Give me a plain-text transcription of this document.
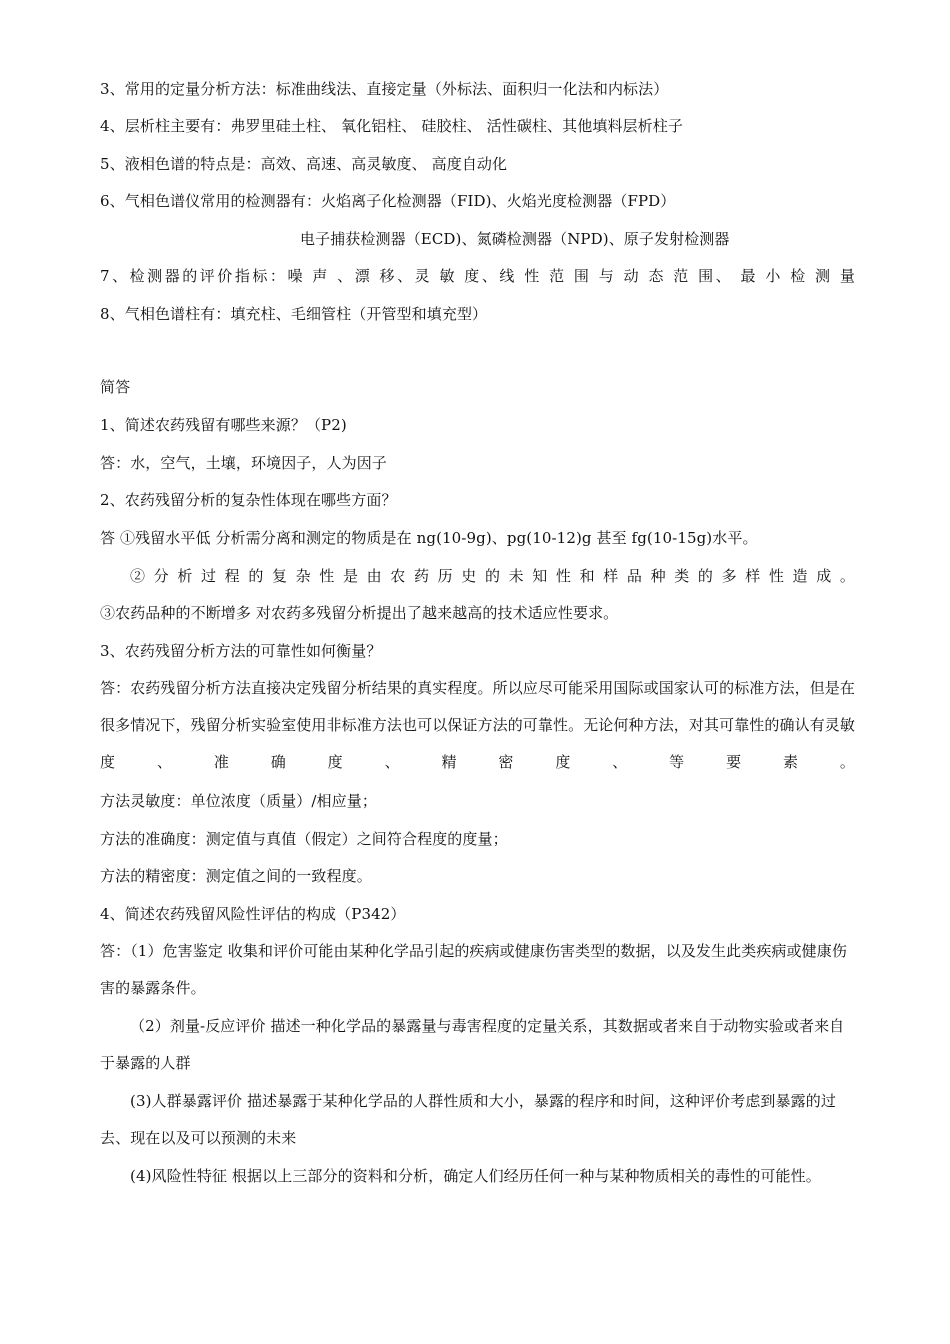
3、常用的定量分析方法：标准曲线法、直接定量（外标法、面积归一化法和内标法）
4、层析柱主要有：弗罗里硅土柱、 氧化铝柱、 硅胶柱、 活性碳柱、其他填料层析柱子
5、液相色谱的特点是：高效、高速、高灵敏度、 高度自动化
6、气相色谱仪常用的检测器有：火焰离子化检测器（FID)、火焰光度检测器（FPD）
电子捕获检测器（ECD)、氮磷检测器（NPD)、原子发射检测器
7、检测器的评价指标：噪 声 、漂 移、灵 敏 度、线 性 范 围 与 动 态 范 围、 最 小 检 测 量
8、气相色谱柱有：填充柱、毛细管柱（开管型和填充型）
简答
1、简述农药残留有哪些来源？（P2)
答：水，空气，土壤，环境因子，人为因子
2、农药残留分析的复杂性体现在哪些方面？
答 ①残留水平低 分析需分离和测定的物质是在 ng(10-9g)、pg(10-12)g 甚至 fg(10-15g)水平。
② 分 析 过 程 的 复 杂 性 是 由 农 药 历 史 的 未 知 性 和 样 品 种 类 的 多 样 性 造 成 。
③农药品种的不断增多 对农药多残留分析提出了越来越高的技术适应性要求。
3、农药残留分析方法的可靠性如何衡量？
答：农药残留分析方法直接决定残留分析结果的真实程度。所以应尽可能采用国际或国家认可的标准方法，但是在很多情况下，残留分析实验室使用非标准方法也可以保证方法的可靠性。无论何种方法，对其可靠性的确认有灵敏度、准确度、精密度、等要素。
方法灵敏度：单位浓度（质量）/相应量；
方法的准确度：测定值与真值（假定）之间符合程度的度量；
方法的精密度：测定值之间的一致程度。
4、简述农药残留风险性评估的构成（P342）
答：（1）危害鉴定 收集和评价可能由某种化学品引起的疾病或健康伤害类型的数据，以及发生此类疾病或健康伤害的暴露条件。
（2）剂量-反应评价 描述一种化学品的暴露量与毒害程度的定量关系，其数据或者来自于动物实验或者来自于暴露的人群
(3)人群暴露评价 描述暴露于某种化学品的人群性质和大小，暴露的程序和时间，这种评价考虑到暴露的过去、现在以及可以预测的未来
(4)风险性特征 根据以上三部分的资料和分析，确定人们经历任何一种与某种物质相关的毒性的可能性。
